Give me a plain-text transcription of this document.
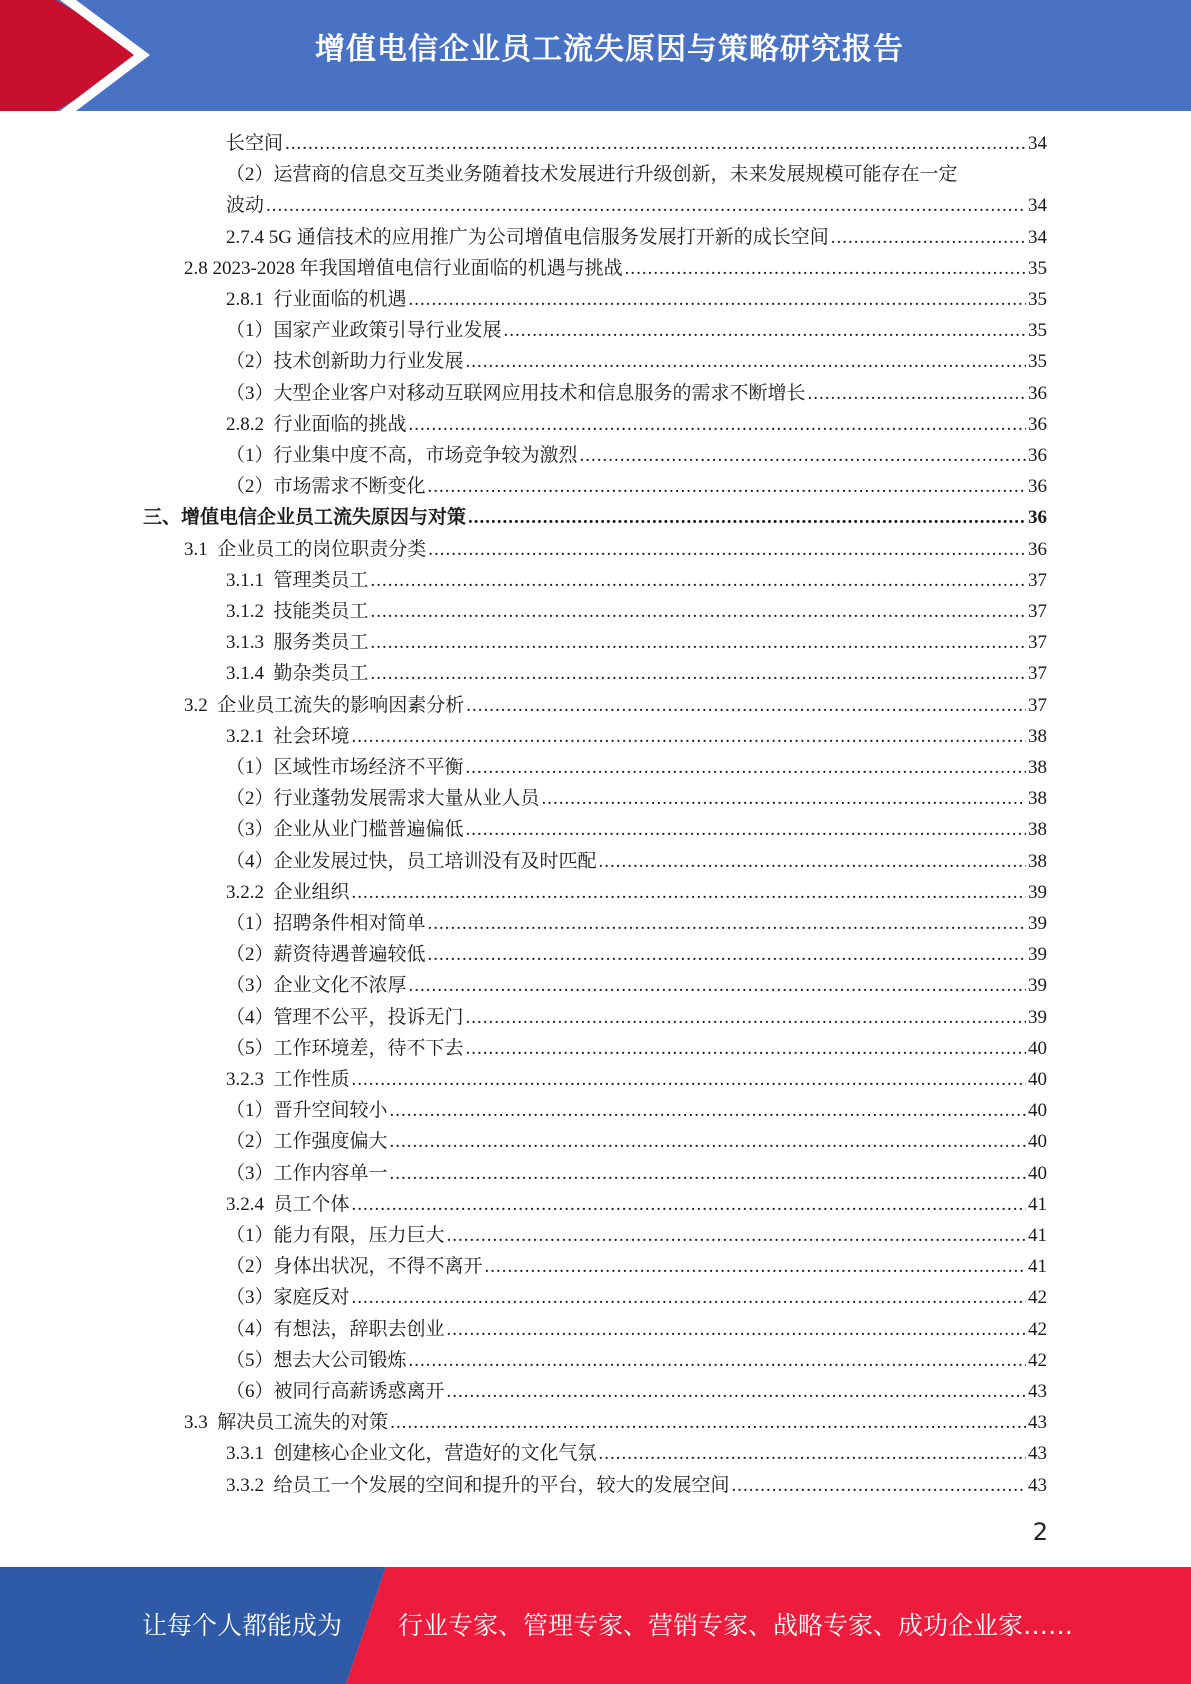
增值电信企业员工流失原因与策略研究报告
长空间 .....	34
（2）运营商的信息交互类业务随着技术发展进行升级创新，未来发展规模可能存在一定
波动 .....	34
2.7.4 5G 通信技术的应用推广为公司增值电信服务发展打开新的成长空间 .....	34
2.8 2023-2028 年我国增值电信行业面临的机遇与挑战 .....	35
2.8.1 行业面临的机遇 .....	35
（1）国家产业政策引导行业发展 .....	35
（2）技术创新助力行业发展 .....	35
（3）大型企业客户对移动互联网应用技术和信息服务的需求不断增长 .....	36
2.8.2 行业面临的挑战 .....	36
（1）行业集中度不高，市场竞争较为激烈 .....	36
（2）市场需求不断变化 .....	36
三、增值电信企业员工流失原因与对策 .....	36
3.1 企业员工的岗位职责分类 .....	36
3.1.1 管理类员工 .....	37
3.1.2 技能类员工 .....	37
3.1.3 服务类员工 .....	37
3.1.4 勤杂类员工 .....	37
3.2 企业员工流失的影响因素分析 .....	37
3.2.1 社会环境 .....	38
（1）区域性市场经济不平衡 .....	38
（2）行业蓬勃发展需求大量从业人员 .....	38
（3）企业从业门槛普遍偏低 .....	38
（4）企业发展过快，员工培训没有及时匹配 .....	38
3.2.2 企业组织 .....	39
（1）招聘条件相对简单 .....	39
（2）薪资待遇普遍较低 .....	39
（3）企业文化不浓厚 .....	39
（4）管理不公平，投诉无门 .....	39
（5）工作环境差，待不下去 .....	40
3.2.3 工作性质 .....	40
（1）晋升空间较小 .....	40
（2）工作强度偏大 .....	40
（3）工作内容单一 .....	40
3.2.4 员工个体 .....	41
（1）能力有限，压力巨大 .....	41
（2）身体出状况，不得不离开 .....	41
（3）家庭反对 .....	42
（4）有想法，辞职去创业 .....	42
（5）想去大公司锻炼 .....	42
（6）被同行高薪诱惑离开 .....	43
3.3 解决员工流失的对策 .....	43
3.3.1 创建核心企业文化，营造好的文化气氛 .....	43
3.3.2 给员工一个发展的空间和提升的平台，较大的发展空间 .....	43
2
让每个人都能成为 行业专家、管理专家、营销专家、战略专家、成功企业家……
